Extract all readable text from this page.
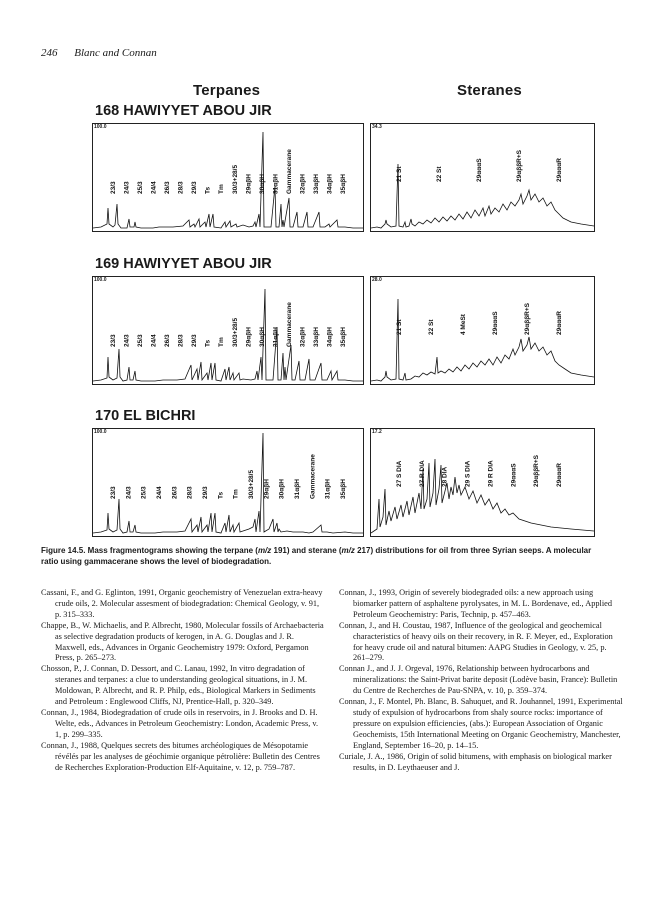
246 Blanc and Connan
Terpanes	Steranes
168 HAWIYYET ABOU JIR
169 HAWIYYET ABOU JIR
170 EL BICHRI
23/3 24/3 25/3 24/4 26/3 28/3 29/3 Ts Tm 30/3+28/5 29αβH 30αβH 31αβH Gammacerane 32αβH 33αβH 34αβH 35αβH
100.0
21 St	22 St	29αααS	29αββR+S	29αααR
34.3
23/3 24/3 25/3 24/4 26/3 28/3 29/3 Ts Tm 30/3+28/5 29αβH 30αβH 31αβH Gammacerane 32αβH 33αβH 34αβH 35αβH
100.0
21 St	22 St	4 MeSt	29αααS	29αββR+S	29αααR
28.0
23/3 24/3 25/3 24/4 26/3 28/3 29/3 Ts Tm 30/3+28/5 29αβH 30αβH 31αβH Gammacerane 31αβH 35αβH
100.0
27 S DIA 27 R DIA 28 DIA 29 S DIA 29 R DIA 29αααS 29αββR+S 29αααR
17.2
Figure 14.5. Mass fragmentograms showing the terpane (m/z 191) and sterane (m/z 217) distributions for oil from three Syrian seeps. A molecular ratio using gammacerane shows the level of biodegradation.
Cassani, F., and G. Eglinton, 1991, Organic geochemistry of Venezuelan extra-heavy crude oils, 2. Molecular assesment of biodegradation: Chemical Geology, v. 91, p. 315–333.
Chappe, B., W. Michaelis, and P. Albrecht, 1980, Molecular fossils of Archaebacteria as selective degradation products of kerogen, in A. G. Douglas and J. R. Maxwell, eds., Advances in Organic Geochemistry 1979: Oxford, Pergamon Press, p. 265–273.
Chosson, P., J. Connan, D. Dessort, and C. Lanau, 1992, In vitro degradation of steranes and terpanes: a clue to understanding geological situations, in J. M. Moldowan, P. Albrecht, and R. P. Philp, eds., Biological Markers in Sediments and Petroleum : Englewood Cliffs, NJ, Prentice-Hall, p. 320–349.
Connan, J., 1984, Biodegradation of crude oils in reservoirs, in J. Brooks and D. H. Welte, eds., Advances in Petroleum Geochemistry: London, Academic Press, v. 1, p. 299–335.
Connan, J., 1988, Quelques secrets des bitumes archéologiques de Mésopotamie révélés par les analyses de géochimie organique pétrolière: Bulletin des Centres de Recherches Exploration-Production Elf-Aquitaine, v. 12, p. 759–787.
Connan, J., 1993, Origin of severely biodegraded oils: a new approach using biomarker pattern of asphaltene pyrolysates, in M. L. Bordenave, ed., Applied Petroleum Geochemistry: Paris, Technip, p. 457–463.
Connan, J., and H. Coustau, 1987, Influence of the geological and geochemical characteristics of heavy oils on their recovery, in R. F. Meyer, ed., Exploration for heavy crude oil and natural bitumen: AAPG Studies in Geology, v. 25, p. 261–279.
Connan J., and J. J. Orgeval, 1976, Relationship between hydrocarbons and mineralizations: the Saint-Privat barite deposit (Lodève basin, France): Bulletin du Centre de Recherches de Pau-SNPA, v. 10, p. 359–374.
Connan, J., F. Montel, Ph. Blanc, B. Sahuquet, and R. Jouhannel, 1991, Experimental study of expulsion of hydrocarbons from shaly source rocks: importance of pressure on expulsion efficiencies, (abs.): European Association of Organic Geochemists, 15th International Meeting on Organic Geochemistry, Manchester, England, September 16–20, p. 14–15.
Curiale, J. A., 1986, Origin of solid bitumens, with emphasis on biological marker results, in D. Leythaeuser and J.
